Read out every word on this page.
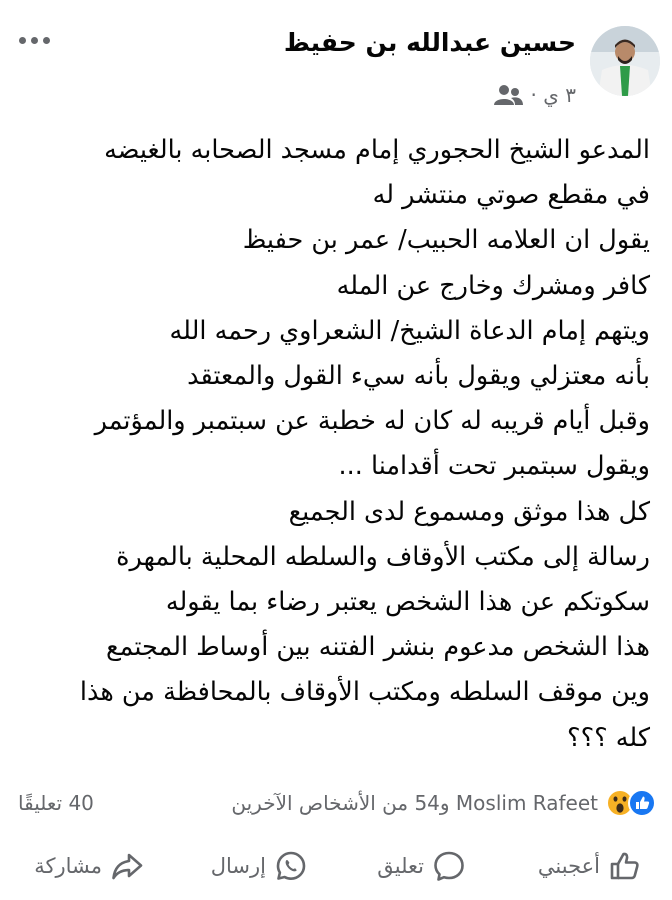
حسين عبدالله بن حفيظ
٣ ي ·
المدعو الشيخ الحجوري إمام مسجد الصحابه بالغيضه
في مقطع صوتي منتشر له
يقول ان العلامه الحبيب/ عمر بن حفيظ
كافر ومشرك وخارج عن المله
ويتهم إمام الدعاة الشيخ/ الشعراوي رحمه الله
بأنه معتزلي ويقول بأنه سيء القول والمعتقد
وقبل أيام قريبه له كان له خطبة عن سبتمبر والمؤتمر
ويقول سبتمبر تحت أقدامنا ...
كل هذا موثق ومسموع لدى الجميع
رسالة إلى مكتب الأوقاف والسلطه المحلية بالمهرة
سكوتكم عن هذا الشخص يعتبر رضاء بما يقوله
هذا الشخص مدعوم بنشر الفتنه بين أوساط المجتمع
وين موقف السلطه ومكتب الأوقاف بالمحافظة من هذا
كله ؟؟؟
Moslim Rafeet و54 من الأشخاص الآخرين
40 تعليقًا
أعجبني
تعليق
إرسال
مشاركة
